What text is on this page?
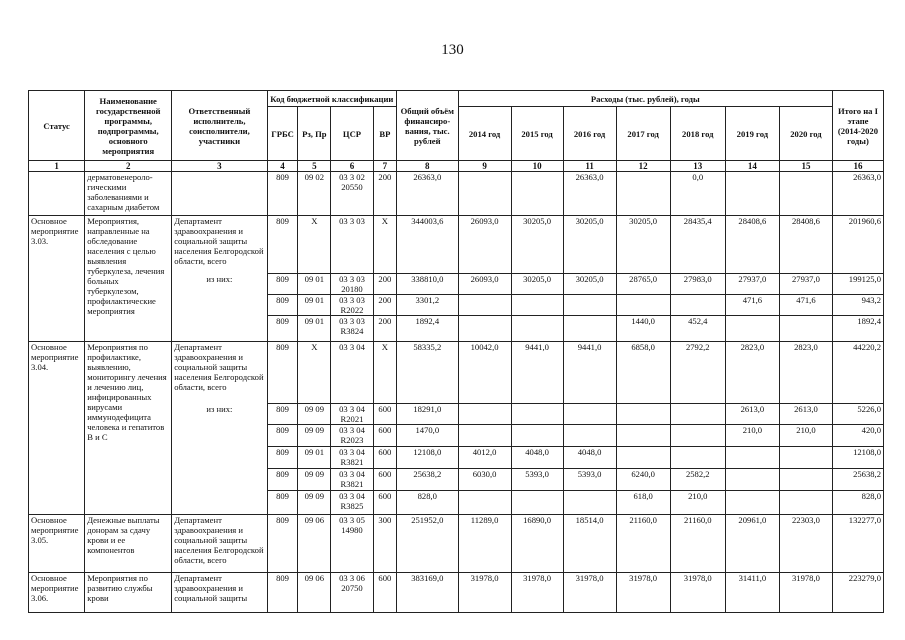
130
Статус	Наименование государственной программы, подпрограммы, основного мероприятия	Ответственный исполнитель, соисполнители, участники	Код бюджетной классификации				Общий объём финансиро-вания, тыс. рублей	Расходы (тыс. рублей), годы							Итого на I этапе (2014-2020 годы)
			ГРБС	Рз, Пр	ЦСР	ВР		2014 год	2015 год	2016 год	2017 год	2018 год	2019 год	2020 год	

1	2	3	4	5	6	7	8	9	10	11	12	13	14	15	16
	дерматовенероло-гическими заболеваниями и сахарным диабетом		809	09 02	03 3 02 20550	200	26363,0			26363,0		0,0			26363,0
Основное мероприятие 3.03.	Мероприятия, направленные на обследование населения с целью выявления туберкулеза, лечения больных туберкулезом, профилактические мероприятия	Департамент здравоохранения и социальной защиты населения Белгородской области, всего	809	Х	03 3 03	Х	344003,6	26093,0	30205,0	30205,0	30205,0	28435,4	28408,6	28408,6	201960,6
		из них:	809	09 01	03 3 03 20180	200	338810,0	26093,0	30205,0	30205,0	28765,0	27983,0	27937,0	27937,0	199125,0
			809	09 01	03 3 03 R2022	200	3301,2						471,6	471,6	943,2
			809	09 01	03 3 03 R3824	200	1892,4				1440,0	452,4			1892,4
Основное мероприятие 3.04.	Мероприятия по профилактике, выявлению, мониторингу лечения и лечению лиц, инфицированных вирусами иммунодефицита человека и гепатитов В и С	Департамент здравоохранения и социальной защиты населения Белгородской области, всего	809	Х	03 3 04	Х	58335,2	10042,0	9441,0	9441,0	6858,0	2792,2	2823,0	2823,0	44220,2
		из них:	809	09 09	03 3 04 R2021	600	18291,0						2613,0	2613,0	5226,0
			809	09 09	03 3 04 R2023	600	1470,0						210,0	210,0	420,0
			809	09 01	03 3 04 R3821	600	12108,0	4012,0	4048,0	4048,0					12108,0
			809	09 09	03 3 04 R3821	600	25638,2	6030,0	5393,0	5393,0	6240,0	2582,2			25638,2
			809	09 09	03 3 04 R3825	600	828,0				618,0	210,0			828,0
Основное мероприятие 3.05.	Денежные выплаты донорам за сдачу крови и ее компонентов	Департамент здравоохранения и социальной защиты населения Белгородской области, всего	809	09 06	03 3 05 14980	300	251952,0	11289,0	16890,0	18514,0	21160,0	21160,0	20961,0	22303,0	132277,0
Основное мероприятие 3.06.	Мероприятия по развитию службы крови	Департамент здравоохранения и социальной защиты	809	09 06	03 3 06 20750	600	383169,0	31978,0	31978,0	31978,0	31978,0	31978,0	31411,0	31978,0	223279,0
